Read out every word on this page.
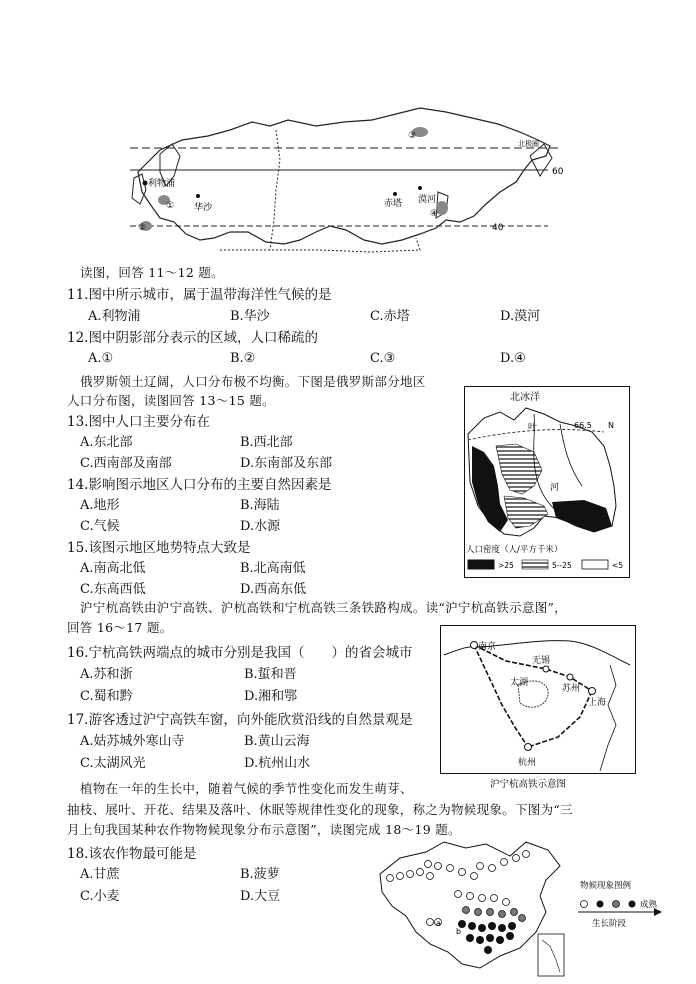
北极圈
60
40
利物浦
华沙	赤塔 漠河
①
②
③
④
读图，回答 11～12 题。
11.图中所示城市，属于温带海洋性气候的是
A.利物浦	B.华沙	C.赤塔	D.漠河
12.图中阴影部分表示的区域，人口稀疏的
A.①	B.②	C.③	D.④
俄罗斯领土辽阔，人口分布极不均衡。下图是俄罗斯部分地区
人口分布图，读图回答 13～15 题。
13.图中人口主要分布在
A.东北部	B.西北部
C.西南部及南部	D.东南部及东部
14.影响图示地区人口分布的主要自然因素是
A.地形	B.海陆
C.气候	D.水源
15.该图示地区地势特点大致是
A.南高北低	B.北高南低
C.东高西低	D.西高东低
北冰洋
66.5 N
叶
河
人口密度（人/平方千米）
>25	5--25	<5
沪宁杭高铁由沪宁高铁、沪杭高铁和宁杭高铁三条铁路构成。读“沪宁杭高铁示意图”，
回答 16～17 题。
16.宁杭高铁两端点的城市分别是我国（　　）的省会城市
A.苏和浙	B.蜇和晋
C.蜀和黔	D.湘和鄂
17.游客透过沪宁高铁车窗，向外能欣赏沿线的自然景观是
A.姑苏城外寒山寺	B.黄山云海
C.太湖风光	D.杭州山水
南京
无锡
太湖
苏州
上海
杭州
沪宁杭高铁示意图
植物在一年的生长中，随着气候的季节性变化而发生萌芽、
抽枝、展叶、开花、结果及落叶、休眠等规律性变化的现象，称之为物候现象。下图为“三
月上旬我国某种农作物物候现象分布示意图”，读图完成 18～19 题。
18.该农作物最可能是
A.甘蔗	B.菠萝
C.小麦	D.大豆
a
b
物候现象图例
成熟
生长阶段
